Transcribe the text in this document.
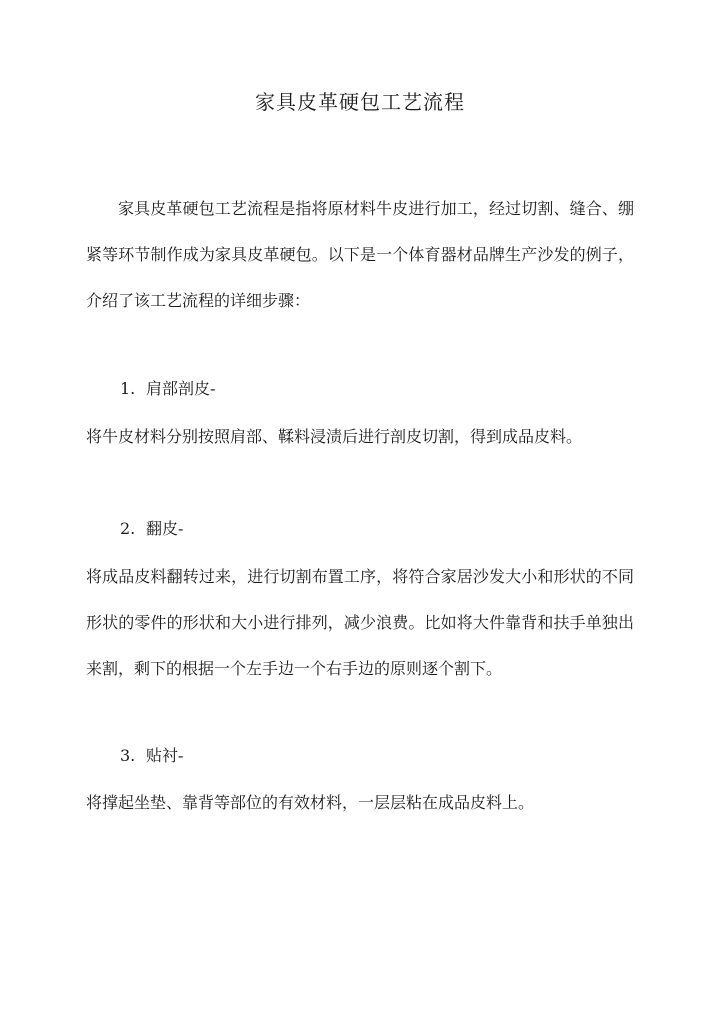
家具皮革硬包工艺流程

家具皮革硬包工艺流程是指将原材料牛皮进行加工，经过切割、缝合、绷紧等环节制作成为家具皮革硬包。以下是一个体育器材品牌生产沙发的例子，介绍了该工艺流程的详细步骤：

1. 肩部剖皮-

将牛皮材料分别按照肩部、鞣料浸渍后进行剖皮切割，得到成品皮料。

2. 翻皮-

将成品皮料翻转过来，进行切割布置工序，将符合家居沙发大小和形状的不同形状的零件的形状和大小进行排列，减少浪费。比如将大件靠背和扶手单独出来割，剩下的根据一个左手边一个右手边的原则逐个割下。

3. 贴衬-

将撑起坐垫、靠背等部位的有效材料，一层层粘在成品皮料上。
